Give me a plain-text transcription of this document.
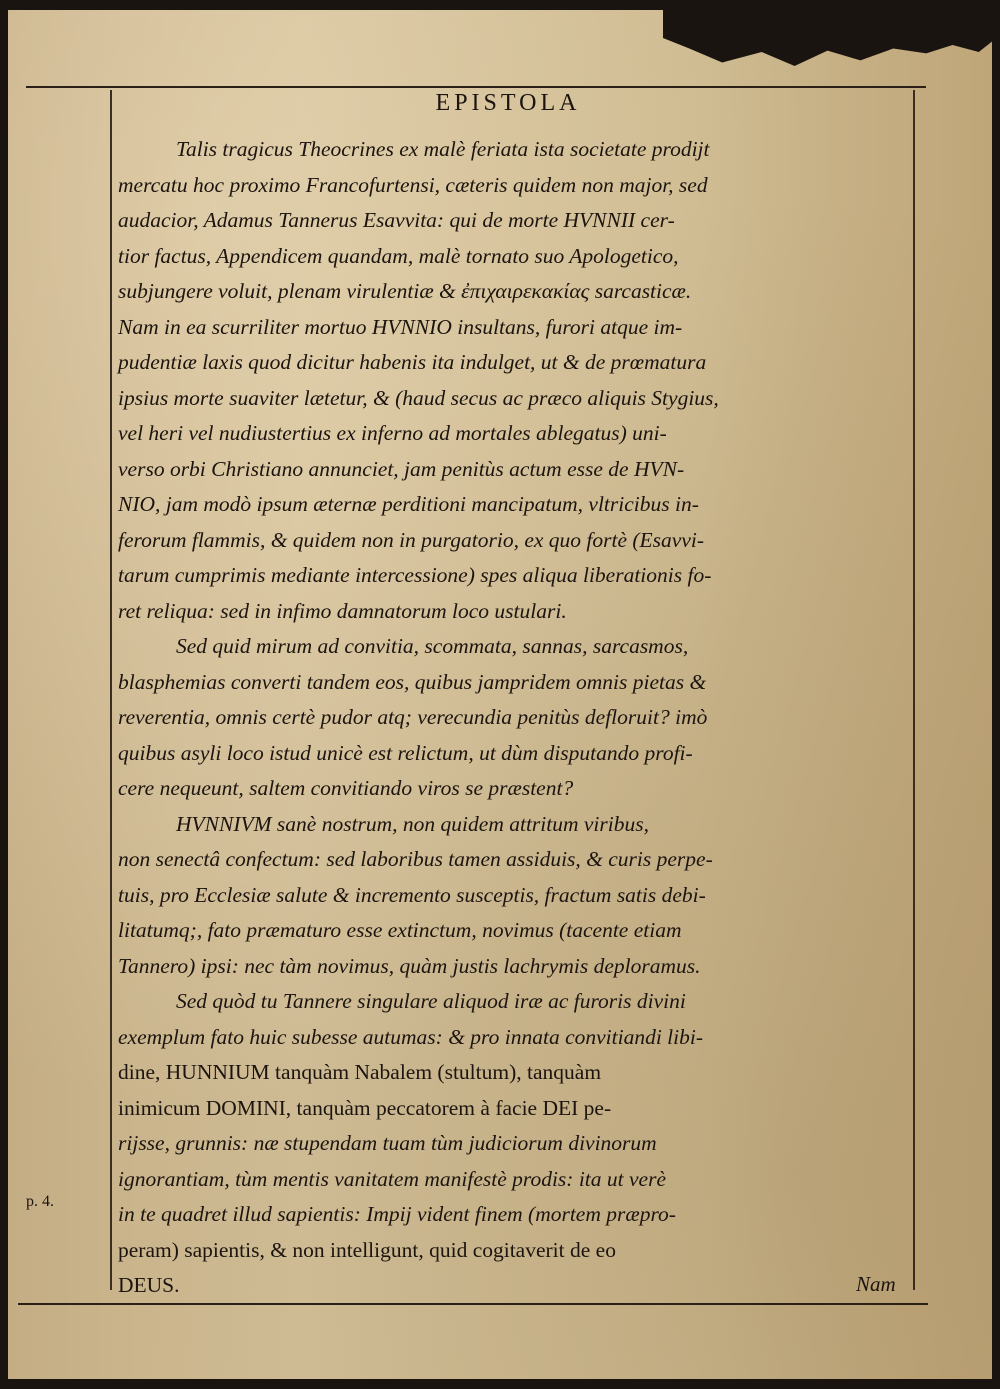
EPISTOLA
Talis tragicus Theocrines ex malè feriata ista societate prodijt
mercatu hoc proximo Francofurtensi, cæteris quidem non major, sed
audacior, Adamus Tannerus Esavvita: qui de morte HVNNII cer-
tior factus, Appendicem quandam, malè tornato suo Apologetico,
subjungere voluit, plenam virulentiæ & ἐπιχαιρεκακίας sarcasticæ.
Nam in ea scurriliter mortuo HVNNIO insultans, furori atque im-
pudentiæ laxis quod dicitur habenis ita indulget, ut & de prœmatura
ipsius morte suaviter lætetur, & (haud secus ac præco aliquis Stygius,
vel heri vel nudiustertius ex inferno ad mortales ablegatus) uni-
verso orbi Christiano annunciet, jam penitùs actum esse de HVN-
NIO, jam modò ipsum æternæ perditioni mancipatum, vltricibus in-
ferorum flammis, & quidem non in purgatorio, ex quo fortè (Esavvi-
tarum cumprimis mediante intercessione) spes aliqua liberationis fo-
ret reliqua: sed in infimo damnatorum loco ustulari.
Sed quid mirum ad convitia, scommata, sannas, sarcasmos,
blasphemias converti tandem eos, quibus jampridem omnis pietas &
reverentia, omnis certè pudor atq; verecundia penitùs defloruit? imò
quibus asyli loco istud unicè est relictum, ut dùm disputando profi-
cere nequeunt, saltem convitiando viros se præstent?
HVNNIVM sanè nostrum, non quidem attritum viribus,
non senectâ confectum: sed laboribus tamen assiduis, & curis perpe-
tuis, pro Ecclesiæ salute & incremento susceptis, fractum satis debi-
litatumq;, fato præmaturo esse extinctum, novimus (tacente etiam
Tannero) ipsi: nec tàm novimus, quàm justis lachrymis deploramus.
Sed quòd tu Tannere singulare aliquod iræ ac furoris divini
exemplum fato huic subesse autumas: & pro innata convitiandi libi-
dine, HUNNIUM tanquàm Nabalem (stultum), tanquàm
inimicum DOMINI, tanquàm peccatorem à facie DEI pe-
rijsse, grunnis: næ stupendam tuam tùm judiciorum divinorum
ignorantiam, tùm mentis vanitatem manifestè prodis: ita ut verè
in te quadret illud sapientis: Impij vident finem (mortem præpro-
peram) sapientis, & non intelligunt, quid cogitaverit de eo
DEUS.
p. 4.
Nam
